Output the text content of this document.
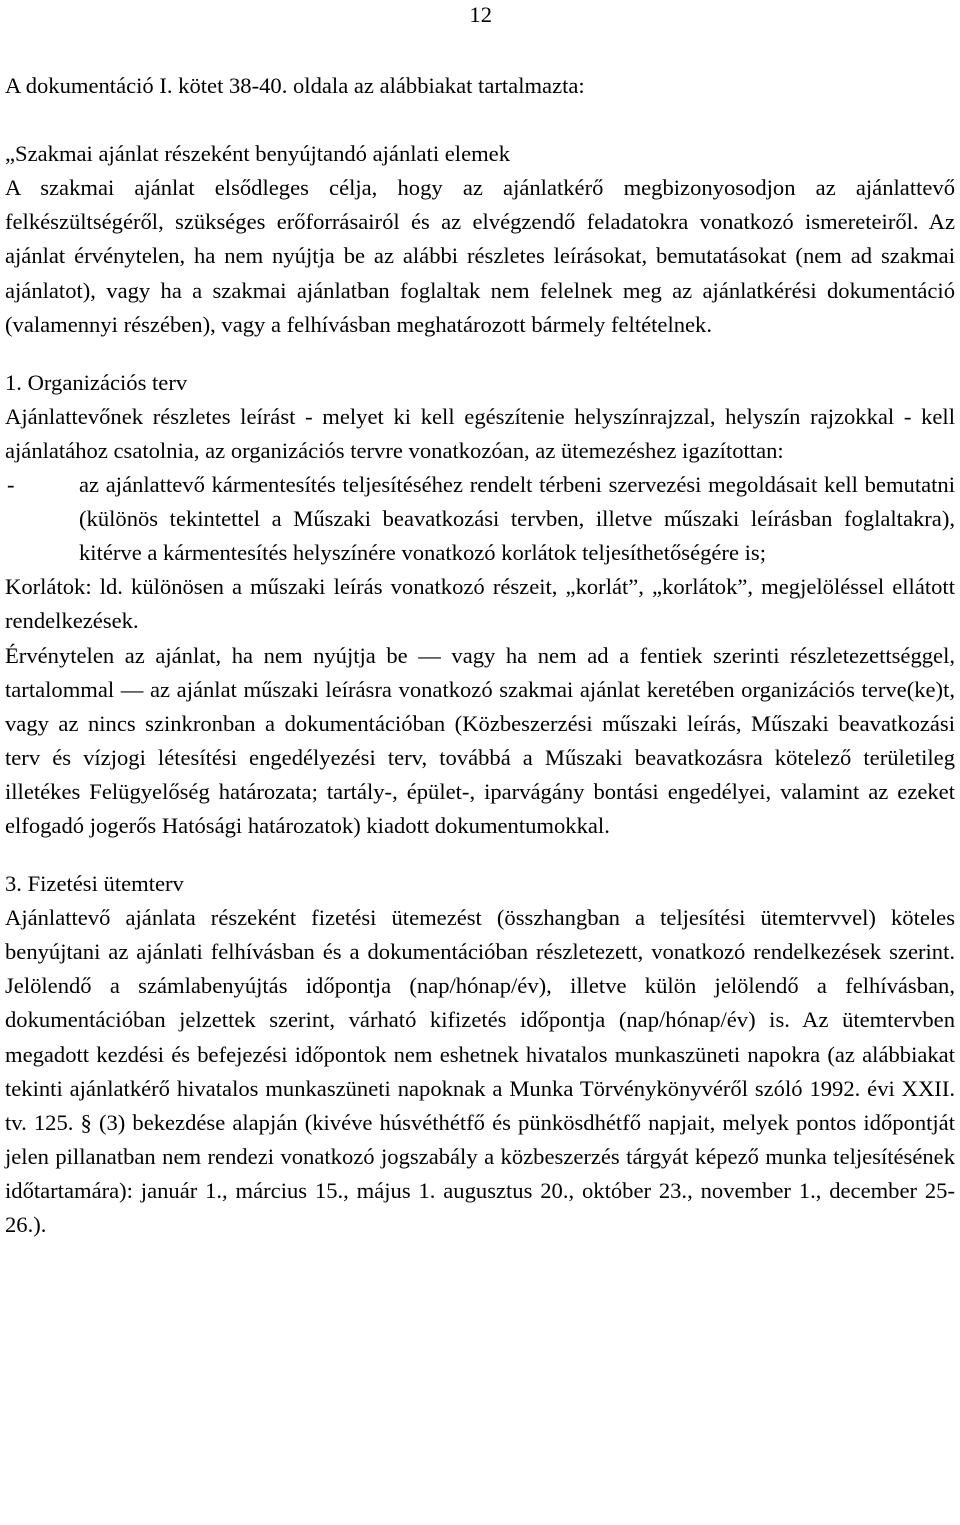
12

A dokumentáció I. kötet 38-40. oldala az alábbiakat tartalmazta:

„Szakmai ajánlat részeként benyújtandó ajánlati elemek

A szakmai ajánlat elsődleges célja, hogy az ajánlatkérő megbizonyosodjon az ajánlattevő felkészültségéről, szükséges erőforrásairól és az elvégzendő feladatokra vonatkozó ismereteiről. Az ajánlat érvénytelen, ha nem nyújtja be az alábbi részletes leírásokat, bemutatásokat (nem ad szakmai ajánlatot), vagy ha a szakmai ajánlatban foglaltak nem felelnek meg az ajánlatkérési dokumentáció (valamennyi részében), vagy a felhívásban meghatározott bármely feltételnek.

1. Organizációs terv

Ajánlattevőnek részletes leírást - melyet ki kell egészítenie helyszínrajzzal, helyszín rajzokkal - kell ajánlatához csatolnia, az organizációs tervre vonatkozóan, az ütemezéshez igazítottan:

-	az ajánlattevő kármentesítés teljesítéséhez rendelt térbeni szervezési megoldásait kell bemutatni (különös tekintettel a Műszaki beavatkozási tervben, illetve műszaki leírásban foglaltakra), kitérve a kármentesítés helyszínére vonatkozó korlátok teljesíthetőségére is;

Korlátok: ld. különösen a műszaki leírás vonatkozó részeit, „korlát”, „korlátok”, megjelöléssel ellátott rendelkezések.

Érvénytelen az ajánlat, ha nem nyújtja be — vagy ha nem ad a fentiek szerinti részletezettséggel, tartalommal — az ajánlat műszaki leírásra vonatkozó szakmai ajánlat keretében organizációs terve(ke)t, vagy az nincs szinkronban a dokumentációban (Közbeszerzési műszaki leírás, Műszaki beavatkozási terv és vízjogi létesítési engedélyezési terv, továbbá a Műszaki beavatkozásra kötelező területileg illetékes Felügyelőség határozata; tartály-, épület-, iparvágány bontási engedélyei, valamint az ezeket elfogadó jogerős Hatósági határozatok) kiadott dokumentumokkal.

3. Fizetési ütemterv

Ajánlattevő ajánlata részeként fizetési ütemezést (összhangban a teljesítési ütemtervvel) köteles benyújtani az ajánlati felhívásban és a dokumentációban részletezett, vonatkozó rendelkezések szerint. Jelölendő a számlabenyújtás időpontja (nap/hónap/év), illetve külön jelölendő a felhívásban, dokumentációban jelzettek szerint, várható kifizetés időpontja (nap/hónap/év) is. Az ütemtervben megadott kezdési és befejezési időpontok nem eshetnek hivatalos munkaszüneti napokra (az alábbiakat tekinti ajánlatkérő hivatalos munkaszüneti napoknak a Munka Törvénykönyvéről szóló 1992. évi XXII. tv. 125. § (3) bekezdése alapján (kivéve húsvéthétfő és pünkösdhétfő napjait, melyek pontos időpontját jelen pillanatban nem rendezi vonatkozó jogszabály a közbeszerzés tárgyát képező munka teljesítésének időtartamára): január 1., március 15., május 1. augusztus 20., október 23., november 1., december 25-26.).
